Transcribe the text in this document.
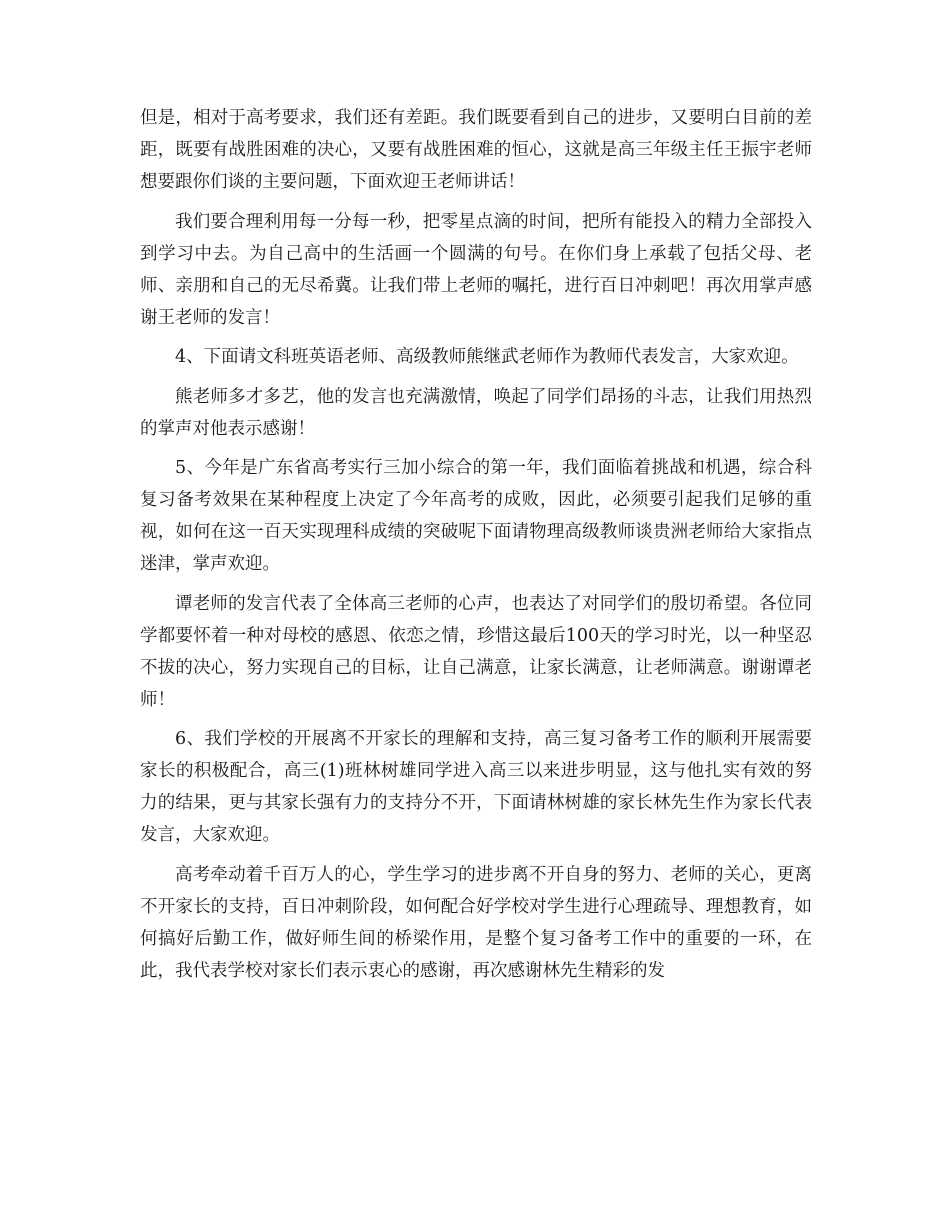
但是，相对于高考要求，我们还有差距。我们既要看到自己的进步，又要明白目前的差距，既要有战胜困难的决心，又要有战胜困难的恒心，这就是高三年级主任王振宇老师想要跟你们谈的主要问题，下面欢迎王老师讲话！

我们要合理利用每一分每一秒，把零星点滴的时间，把所有能投入的精力全部投入到学习中去。为自己高中的生活画一个圆满的句号。在你们身上承载了包括父母、老师、亲朋和自己的无尽希冀。让我们带上老师的嘱托，进行百日冲刺吧！再次用掌声感谢王老师的发言！

4、下面请文科班英语老师、高级教师熊继武老师作为教师代表发言，大家欢迎。

熊老师多才多艺，他的发言也充满激情，唤起了同学们昂扬的斗志，让我们用热烈的掌声对他表示感谢！

5、今年是广东省高考实行三加小综合的第一年，我们面临着挑战和机遇，综合科复习备考效果在某种程度上决定了今年高考的成败，因此，必须要引起我们足够的重视，如何在这一百天实现理科成绩的突破呢下面请物理高级教师谈贵洲老师给大家指点迷津，掌声欢迎。

谭老师的发言代表了全体高三老师的心声，也表达了对同学们的殷切希望。各位同学都要怀着一种对母校的感恩、依恋之情，珍惜这最后100天的学习时光，以一种坚忍不拔的决心，努力实现自己的目标，让自己满意，让家长满意，让老师满意。谢谢谭老师！

6、我们学校的开展离不开家长的理解和支持，高三复习备考工作的顺利开展需要家长的积极配合，高三(1)班林树雄同学进入高三以来进步明显，这与他扎实有效的努力的结果，更与其家长强有力的支持分不开，下面请林树雄的家长林先生作为家长代表发言，大家欢迎。

高考牵动着千百万人的心，学生学习的进步离不开自身的努力、老师的关心，更离不开家长的支持，百日冲刺阶段，如何配合好学校对学生进行心理疏导、理想教育，如何搞好后勤工作，做好师生间的桥梁作用，是整个复习备考工作中的重要的一环，在此，我代表学校对家长们表示衷心的感谢，再次感谢林先生精彩的发
